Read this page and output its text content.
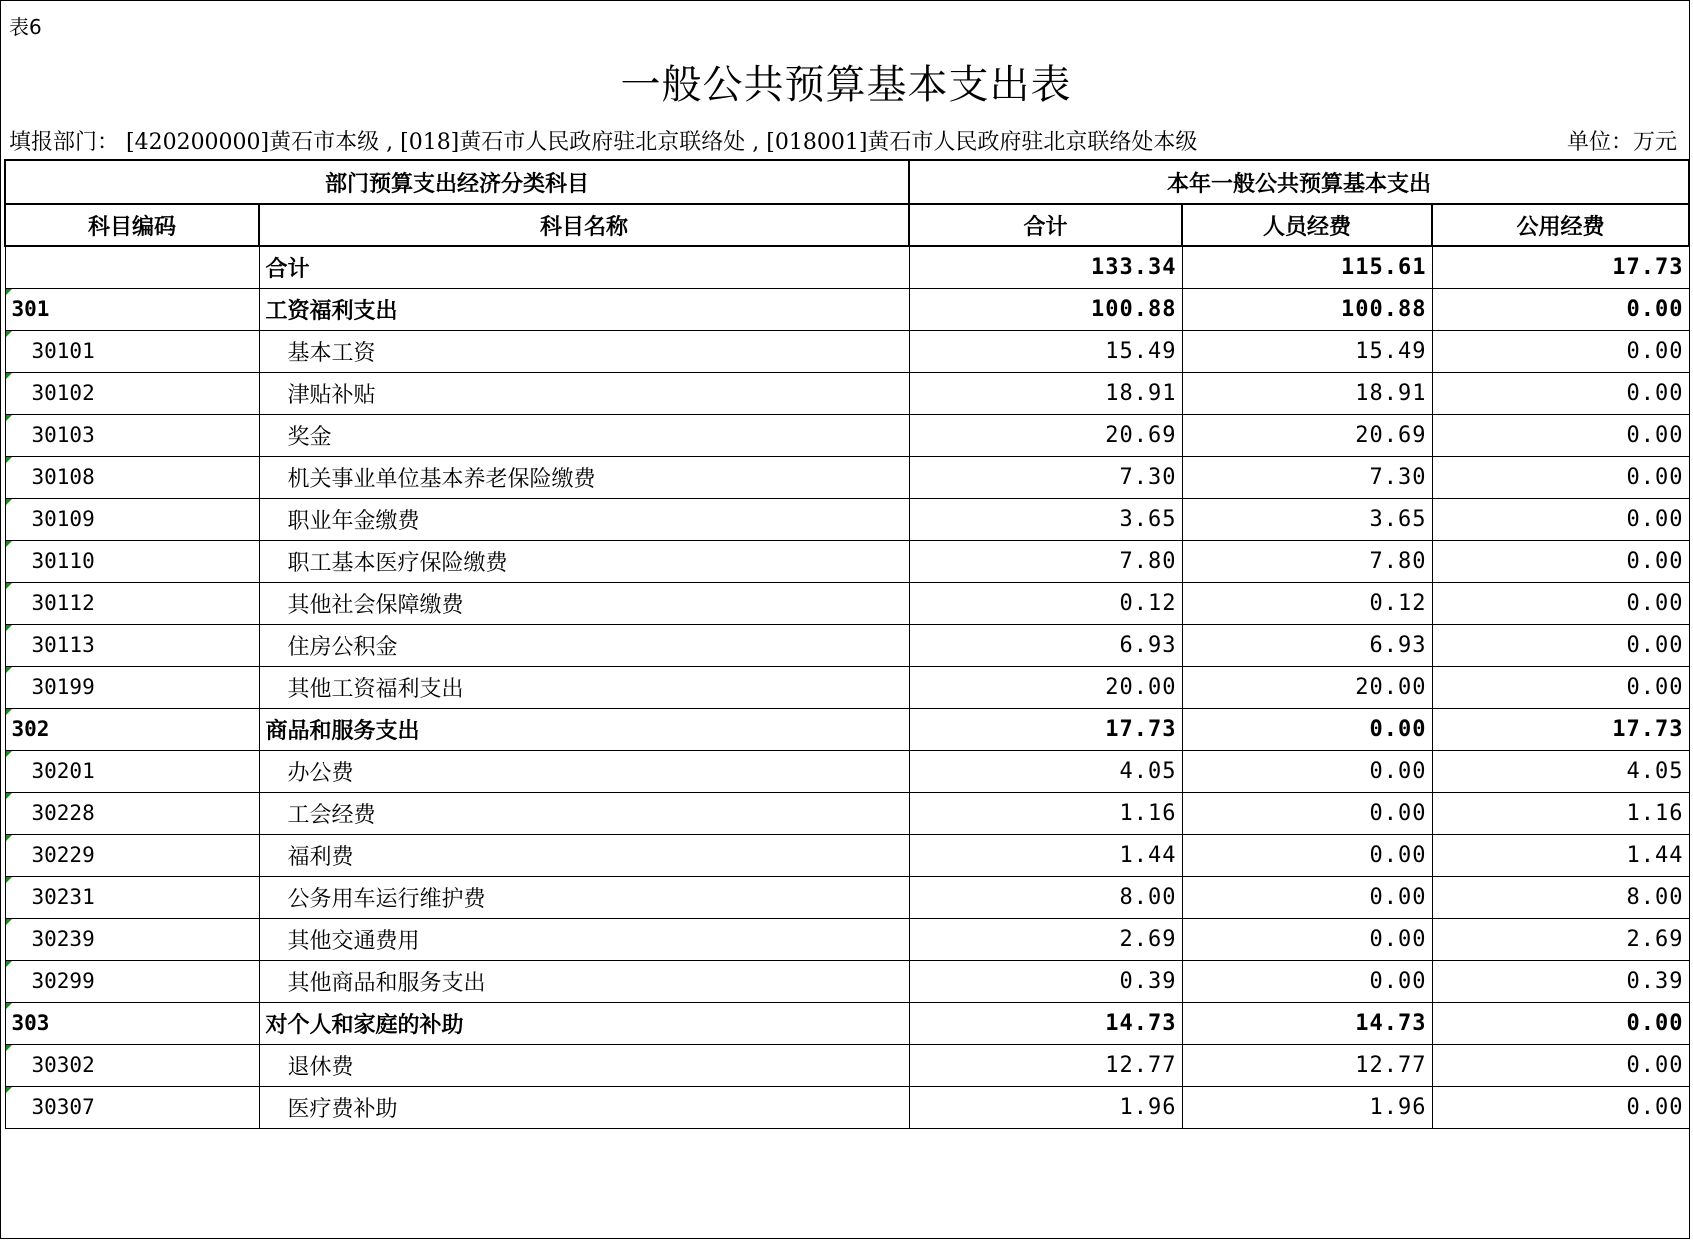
表6
一般公共预算基本支出表
填报部门： [420200000]黄石市本级 , [018]黄石市人民政府驻北京联络处 , [018001]黄石市人民政府驻北京联络处本级	单位：万元
部门预算支出经济分类科目		本年一般公共预算基本支出		
科目编码	科目名称	合计	人员经费	公用经费
	合计	133.34	115.61	17.73

301	工资福利支出	100.88	100.88	0.00

30101	基本工资	15.49	15.49	0.00

30102	津贴补贴	18.91	18.91	0.00

30103	奖金	20.69	20.69	0.00

30108	机关事业单位基本养老保险缴费	7.30	7.30	0.00

30109	职业年金缴费	3.65	3.65	0.00

30110	职工基本医疗保险缴费	7.80	7.80	0.00

30112	其他社会保障缴费	0.12	0.12	0.00

30113	住房公积金	6.93	6.93	0.00

30199	其他工资福利支出	20.00	20.00	0.00

302	商品和服务支出	17.73	0.00	17.73

30201	办公费	4.05	0.00	4.05

30228	工会经费	1.16	0.00	1.16

30229	福利费	1.44	0.00	1.44

30231	公务用车运行维护费	8.00	0.00	8.00

30239	其他交通费用	2.69	0.00	2.69

30299	其他商品和服务支出	0.39	0.00	0.39

303	对个人和家庭的补助	14.73	14.73	0.00

30302	退休费	12.77	12.77	0.00

30307	医疗费补助	1.96	1.96	0.00
